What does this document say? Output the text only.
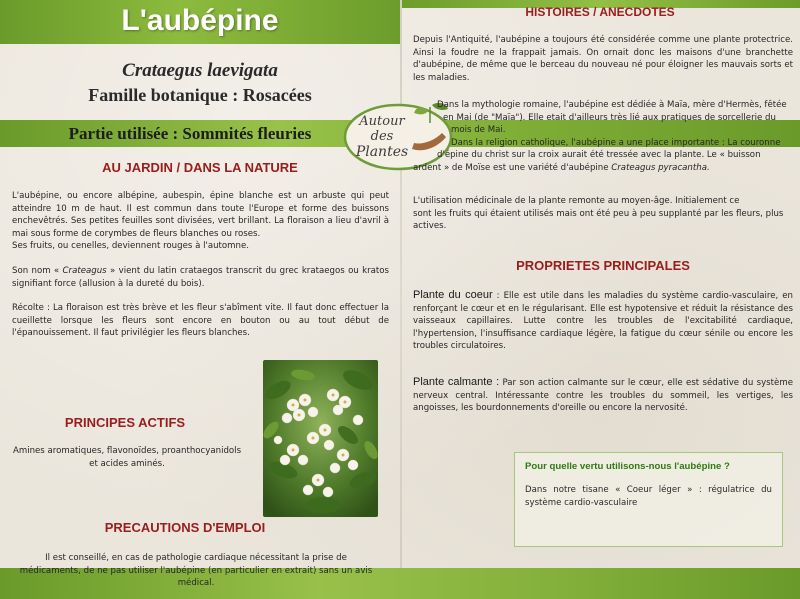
L'aubépine
Crataegus laevigata
Famille botanique : Rosacées
Partie utilisée : Sommités fleuries
AU JARDIN / DANS LA NATURE

L'aubépine, ou encore albépine, aubespin, épine blanche est un arbuste qui peut atteindre 10 m de haut. Il est commun dans toute l'Europe et forme des buissons enchevêtrés. Ses petites feuilles sont divisées, vert brillant. La floraison a lieu d'avril à mai sous forme de corymbes de fleurs blanches ou roses.

Ses fruits, ou cenelles, deviennent rouges à l'automne.

Son nom « Crateagus » vient du latin crataegos transcrit du grec krataegos ou kratos signifiant force (allusion à la dureté du bois).

Récolte : La floraison est très brève et les fleur s'abîment vite. Il faut donc effectuer la cueillette lorsque les fleurs sont encore en bouton ou au tout début de l'épanouissement. Il faut privilégier les fleurs blanches.

PRINCIPES ACTIFS
Amines aromatiques, flavonoïdes, proanthocyanidols
et acides aminés.
PRECAUTIONS D'EMPLOI
Il est conseillé, en cas de pathologie cardiaque nécessitant la prise de
médicaments, de ne pas utiliser l'aubépine (en particulier en extrait) sans un avis
médical.
Autour
des
Plantes
HISTOIRES / ANECDOTES

Depuis l'Antiquité, l'aubépine a toujours été considérée comme une plante protectrice. Ainsi la foudre ne la frappait jamais. On ornait donc les maisons d'une branchette d'aubépine, de même que le berceau du nouveau né pour éloigner les mauvais sorts et les maladies.

Dans la mythologie romaine, l'aubépine est dédiée à Maïa, mère d'Hermès, fêtée
en Mai (de "Maïa"). Elle etait d'ailleurs très lié aux pratiques de sorcellerie du
mois de Mai.
Dans la religion catholique, l'aubépine a une place importante : La couronne
d'épine du christ sur la croix aurait été tressée avec la plante. Le « buisson
ardent » de Moïse est une variété d'aubépine Crateagus pyracantha.
L'utilisation médicinale de la plante remonte au moyen-âge. Initialement ce
sont les fruits qui étaient utilisés mais ont été peu à peu supplanté par les fleurs, plus actives.
PROPRIETES PRINCIPALES
Plante du coeur : Elle est utile dans les maladies du système cardio-vasculaire, en renforçant le cœur et en le régularisant. Elle est hypotensive et réduit la résistance des vaisseaux capillaires. Lutte contre les troubles de l'excitabilité cardiaque, l'hypertension, l'insuffisance cardiaque légère, la fatigue du cœur sénile ou encore les troubles circulatoires.
Plante calmante : Par son action calmante sur le cœur, elle est sédative du système nerveux central. Intéressante contre les troubles du sommeil, les vertiges, les angoisses, les bourdonnements d'oreille ou encore la nervosité.
Pour quelle vertu utilisons-nous l'aubépine ?
Dans notre tisane « Coeur léger » : régulatrice du système cardio-vasculaire
